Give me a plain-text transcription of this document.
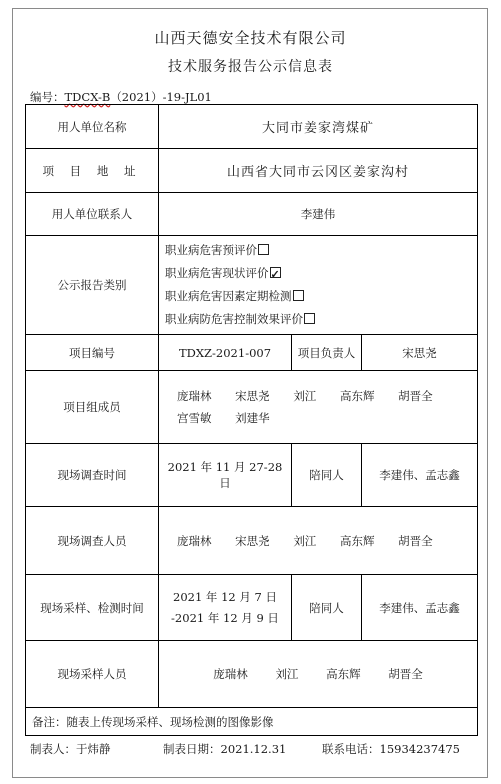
山西天德安全技术有限公司
技术服务报告公示信息表
编号：TDCX-B（2021）-19-JL01
用人单位名称	大同市姜家湾煤矿		
项 目 地 址	山西省大同市云冈区姜家沟村		
用人单位联系人	李建伟		
公示报告类别	职业病危害预评价
职业病危害现状评价✓
职业病危害因素定期检测
职业病防危害控制效果评价

项目编号	TDXZ-2021-007	项目负责人	宋思尧
项目组成员	庞瑞林 宋思尧 刘江 高东辉 胡晋全
宫雪敏 刘建华		

现场调查时间	2021 年 11 月 27-28 日	陪同人	李建伟、孟志鑫
现场调查人员	庞瑞林 宋思尧 刘江 高东辉 胡晋全		
现场采样、检测时间	2021 年 12 月 7 日
-2021 年 12 月 9 日	陪同人	李建伟、孟志鑫
现场采样人员	庞瑞林 刘江 高东辉 胡晋全		
备注：随表上传现场采样、现场检测的图像影像			
制表人：于炜静	制表日期：2021.12.31	联系电话：15934237475
